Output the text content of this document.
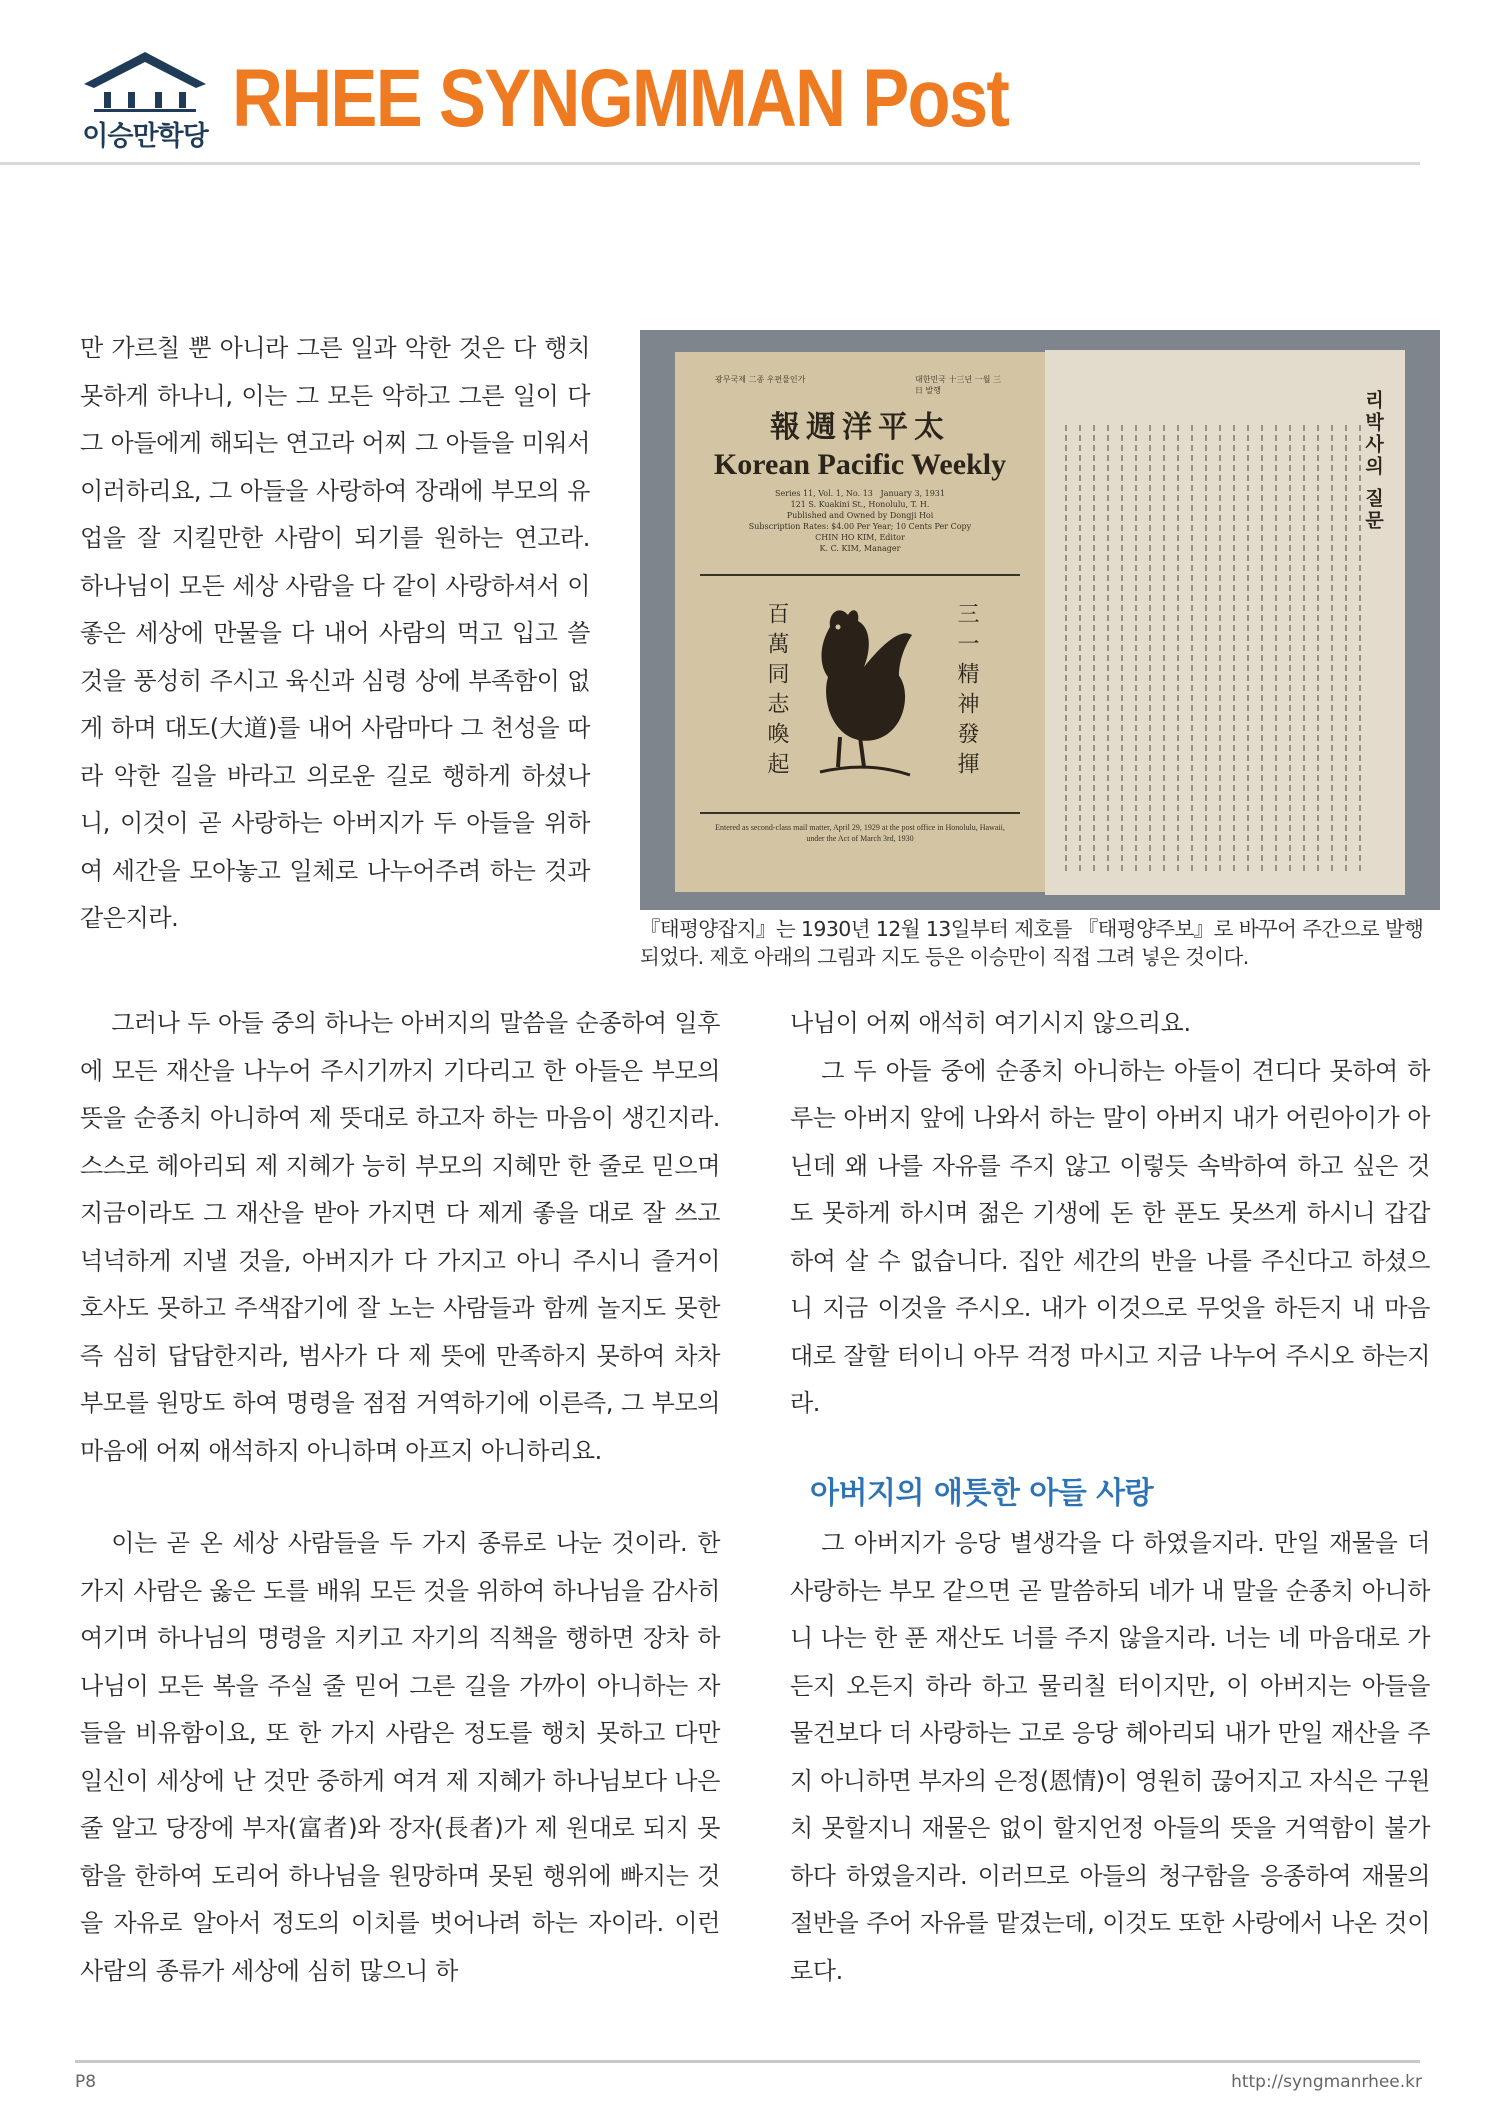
이승만학당 RHEE SYNGMMAN Post

만 가르칠 뿐 아니라 그른 일과 악한 것은 다 행치 못하게 하나니, 이는 그 모든 악하고 그른 일이 다 그 아들에게 해되는 연고라 어찌 그 아들을 미워서 이러하리요, 그 아들을 사랑하여 장래에 부모의 유업을 잘 지킬만한 사람이 되기를 원하는 연고라.　하나님이 모든 세상 사람을 다 같이 사랑하셔서 이 좋은 세상에 만물을 다 내어 사람의 먹고 입고 쓸 것을 풍성히 주시고 육신과 심령 상에 부족함이 없게 하며 대도(大道)를 내어 사람마다 그 천성을 따라 악한 길을 바라고 의로운 길로 행하게 하셨나니, 이것이 곧 사랑하는 아버지가 두 아들을 위하여 세간을 모아놓고 일체로 나누어주려 하는 것과 같은지라.

그러나 두 아들 중의 하나는 아버지의 말씀을 순종하여 일후에 모든 재산을 나누어 주시기까지 기다리고 한 아들은 부모의 뜻을 순종치 아니하여 제 뜻대로 하고자 하는 마음이 생긴지라. 스스로 헤아리되 제 지혜가 능히 부모의 지혜만 한 줄로 믿으며 지금이라도 그 재산을 받아 가지면 다 제게 좋을 대로 잘 쓰고 넉넉하게 지낼 것을, 아버지가 다 가지고 아니 주시니 즐거이 호사도 못하고 주색잡기에 잘 노는 사람들과 함께 놀지도 못한즉 심히 답답한지라, 범사가 다 제 뜻에 만족하지 못하여 차차 부모를 원망도 하여 명령을 점점 거역하기에 이른즉, 그 부모의 마음에 어찌 애석하지 아니하며 아프지 아니하리요.

이는 곧 온 세상 사람들을 두 가지 종류로 나눈 것이라. 한 가지 사람은 옳은 도를 배워 모든 것을 위하여 하나님을 감사히 여기며 하나님의 명령을 지키고 자기의 직책을 행하면 장차 하나님이 모든 복을 주실 줄 믿어 그른 길을 가까이 아니하는 자들을 비유함이요, 또 한 가지 사람은 정도를 행치 못하고 다만 일신이 세상에 난 것만 중하게 여겨 제 지혜가 하나님보다 나은 줄 알고 당장에 부자(富者)와 장자(長者)가 제 원대로 되지 못함을 한하여 도리어 하나님을 원망하며 못된 행위에 빠지는 것을 자유로 알아서 정도의 이치를 벗어나려 하는 자이라. 이런 사람의 종류가 세상에 심히 많으니 하

나님이 어찌 애석히 여기시지 않으리요.

그 두 아들 중에 순종치 아니하는 아들이 견디다 못하여 하루는 아버지 앞에 나와서 하는 말이 아버지 내가 어린아이가 아닌데 왜 나를 자유를 주지 않고 이렇듯 속박하여 하고 싶은 것도 못하게 하시며 젊은 기생에 돈 한 푼도 못쓰게 하시니 갑갑하여 살 수 없습니다. 집안 세간의 반을 나를 주신다고 하셨으니 지금 이것을 주시오. 내가 이것으로 무엇을 하든지 내 마음대로 잘할 터이니 아무 걱정 마시고 지금 나누어 주시오 하는지라.

아버지의 애틋한 아들 사랑

그 아버지가 응당 별생각을 다 하였을지라. 만일 재물을 더 사랑하는 부모 같으면 곧 말씀하되 네가 내 말을 순종치 아니하니 나는 한 푼 재산도 너를 주지 않을지라. 너는 네 마음대로 가든지 오든지 하라 하고 물리칠 터이지만, 이 아버지는 아들을 물건보다 더 사랑하는 고로 응당 헤아리되 내가 만일 재산을 주지 아니하면 부자의 은정(恩情)이 영원히 끊어지고 자식은 구원치 못할지니 재물은 없이 할지언정 아들의 뜻을 거역함이 불가하다 하였을지라. 이러므로 아들의 청구함을 응종하여 재물의 절반을 주어 자유를 맡겼는데, 이것도 또한 사랑에서 나온 것이로다.

광무국제 二종 우편물인가	대한민국 十三년 一월 三日 발행
報週洋平太
Korean Pacific Weekly
Series 11, Vol. 1, No. 13 January 3, 1931
121 S. Kuakini St., Honolulu, T. H.
Published and Owned by Dongji Hoi
Subscription Rates: $4.00 Per Year; 10 Cents Per Copy
CHIN HO KIM, Editor
K. C. KIM, Manager
百萬同志喚起	三一精神發揮
Entered as second-class mail matter, April 29, 1929 at the post office in Honolulu, Hawaii, under the Act of March 3rd, 1930
리박사의 질문

『태평양잡지』는 1930년 12월 13일부터 제호를 『태평양주보』로 바꾸어 주간으로 발행되었다. 제호 아래의 그림과 지도 등은 이승만이 직접 그려 넣은 것이다.

P8	http://syngmanrhee.kr
